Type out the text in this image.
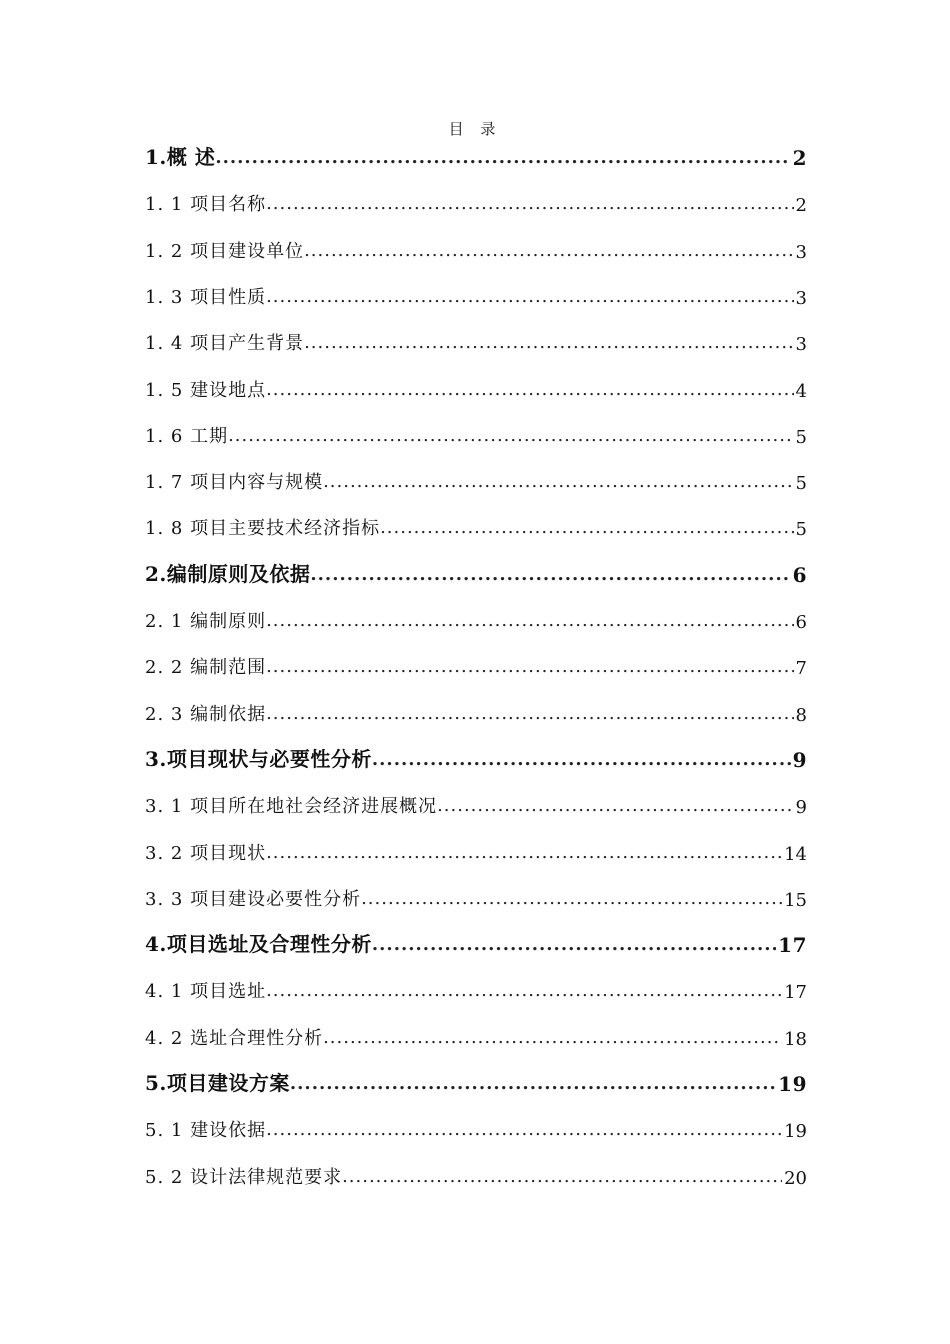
目 录
1.概 述 .....	2
1. 1 项目名称 .....	2
1. 2 项目建设单位 .....	3
1. 3 项目性质 .....	3
1. 4 项目产生背景 .....	3
1. 5 建设地点 .....	4
1. 6 工期 .....	5
1. 7 项目内容与规模 .....	5
1. 8 项目主要技术经济指标 .....	5
2.编制原则及依据 .....	6
2. 1 编制原则 .....	6
2. 2 编制范围 .....	7
2. 3 编制依据 .....	8
3.项目现状与必要性分析 .....	9
3. 1 项目所在地社会经济进展概况 .....	9
3. 2 项目现状 .....	14
3. 3 项目建设必要性分析 .....	15
4.项目选址及合理性分析 .....	17
4. 1 项目选址 .....	17
4. 2 选址合理性分析 .....	18
5.项目建设方案 .....	19
5. 1 建设依据 .....	19
5. 2 设计法律规范要求 .....	20
